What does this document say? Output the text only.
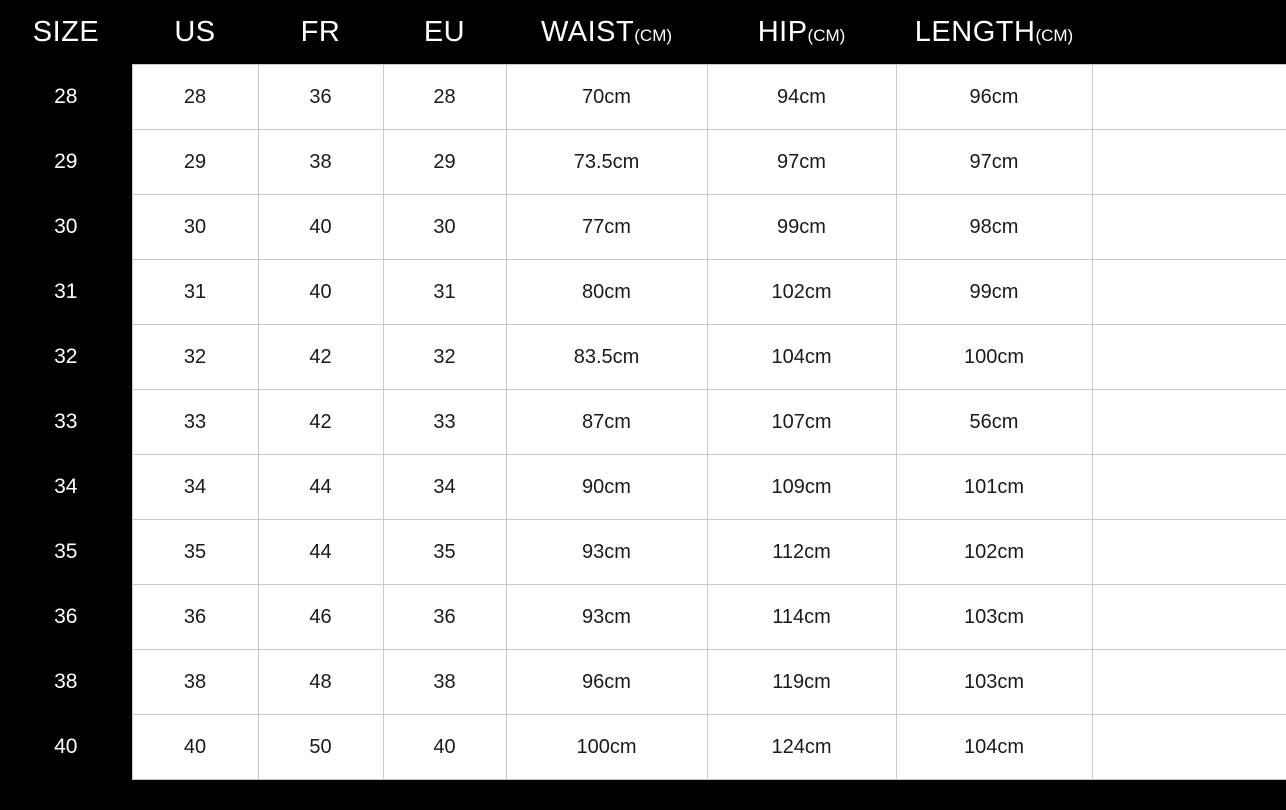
SIZE	US	FR	EU	WAIST(CM)	HIP(CM)	LENGTH(CM)	
28	28	36	28	70cm	94cm	96cm	
29	29	38	29	73.5cm	97cm	97cm	
30	30	40	30	77cm	99cm	98cm	
31	31	40	31	80cm	102cm	99cm	
32	32	42	32	83.5cm	104cm	100cm	
33	33	42	33	87cm	107cm	56cm	
34	34	44	34	90cm	109cm	101cm	
35	35	44	35	93cm	112cm	102cm	
36	36	46	36	93cm	114cm	103cm	
38	38	48	38	96cm	119cm	103cm	
40	40	50	40	100cm	124cm	104cm	
